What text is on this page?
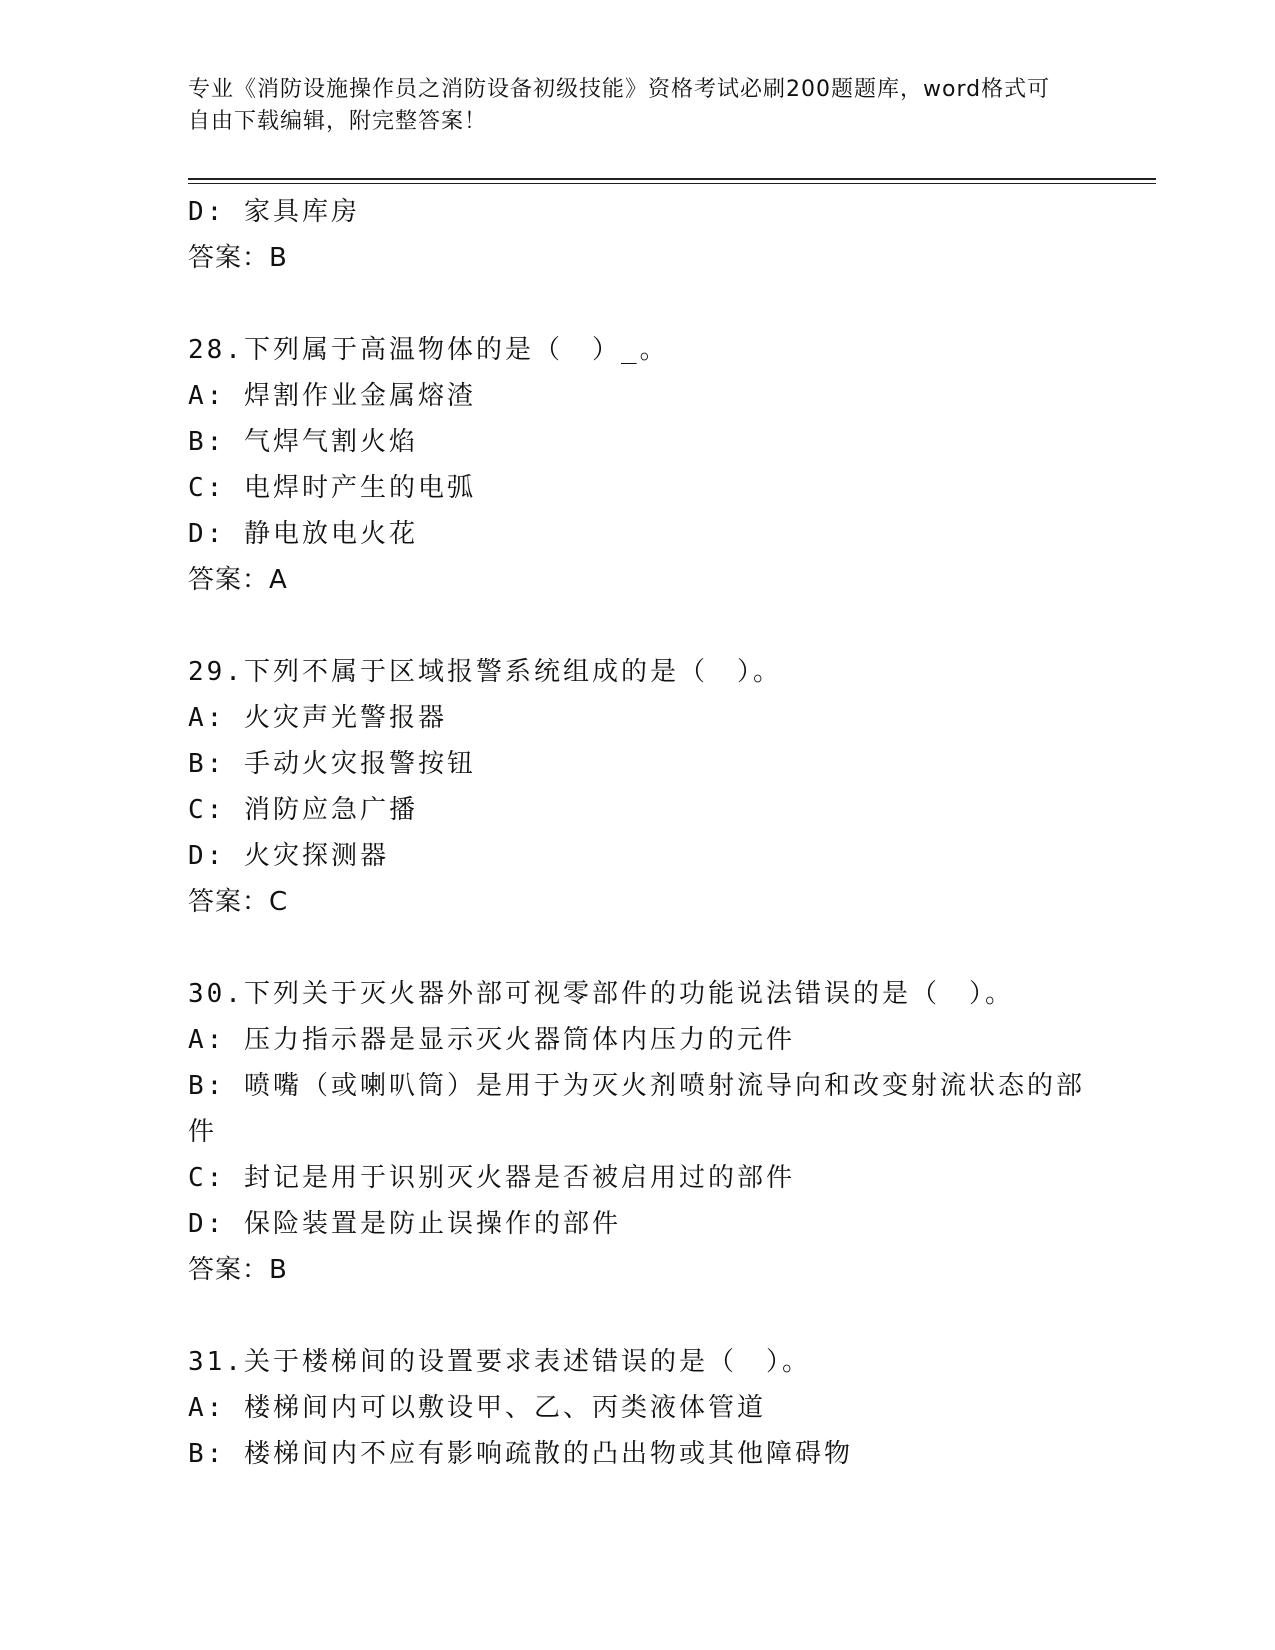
专业《消防设施操作员之消防设备初级技能》资格考试必刷200题题库，word格式可自由下载编辑，附完整答案！
D: 家具库房
答案：B
28.下列属于高温物体的是（　）_。
A: 焊割作业金属熔渣
B: 气焊气割火焰
C: 电焊时产生的电弧
D: 静电放电火花
答案：A
29.下列不属于区域报警系统组成的是（　）。
A: 火灾声光警报器
B: 手动火灾报警按钮
C: 消防应急广播
D: 火灾探测器
答案：C
30.下列关于灭火器外部可视零部件的功能说法错误的是（　）。
A: 压力指示器是显示灭火器筒体内压力的元件
B: 喷嘴（或喇叭筒）是用于为灭火剂喷射流导向和改变射流状态的部件
C: 封记是用于识别灭火器是否被启用过的部件
D: 保险装置是防止误操作的部件
答案：B
31.关于楼梯间的设置要求表述错误的是（　）。
A: 楼梯间内可以敷设甲、乙、丙类液体管道
B: 楼梯间内不应有影响疏散的凸出物或其他障碍物
